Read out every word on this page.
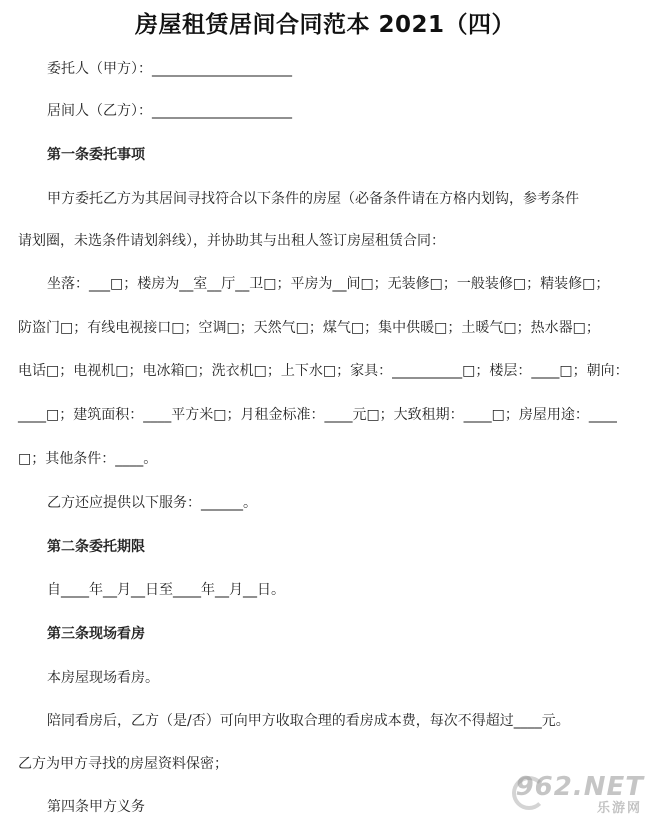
房屋租赁居间合同范本 2021（四）
委托人（甲方）：____________________
居间人（乙方）：____________________
第一条委托事项
甲方委托乙方为其居间寻找符合以下条件的房屋（必备条件请在方格内划钩，参考条件
请划圈，未选条件请划斜线），并协助其与出租人签订房屋租赁合同：
坐落：___□；楼房为__室__厅__卫□；平房为__间□；无装修□；一般装修□；精装修□；
防盗门□；有线电视接口□；空调□；天然气□；煤气□；集中供暖□；土暖气□；热水器□；
电话□；电视机□；电冰箱□；洗衣机□；上下水□；家具：__________□；楼层：____□；朝向：
____□；建筑面积：____平方米□；月租金标准：____元□；大致租期：____□；房屋用途：____
□；其他条件：____。
乙方还应提供以下服务：______。
第二条委托期限
自____年__月__日至____年__月__日。
第三条现场看房
本房屋现场看房。
陪同看房后，乙方（是/否）可向甲方收取合理的看房成本费，每次不得超过____元。
乙方为甲方寻找的房屋资料保密；
第四条甲方义务
962.NET
乐游网
